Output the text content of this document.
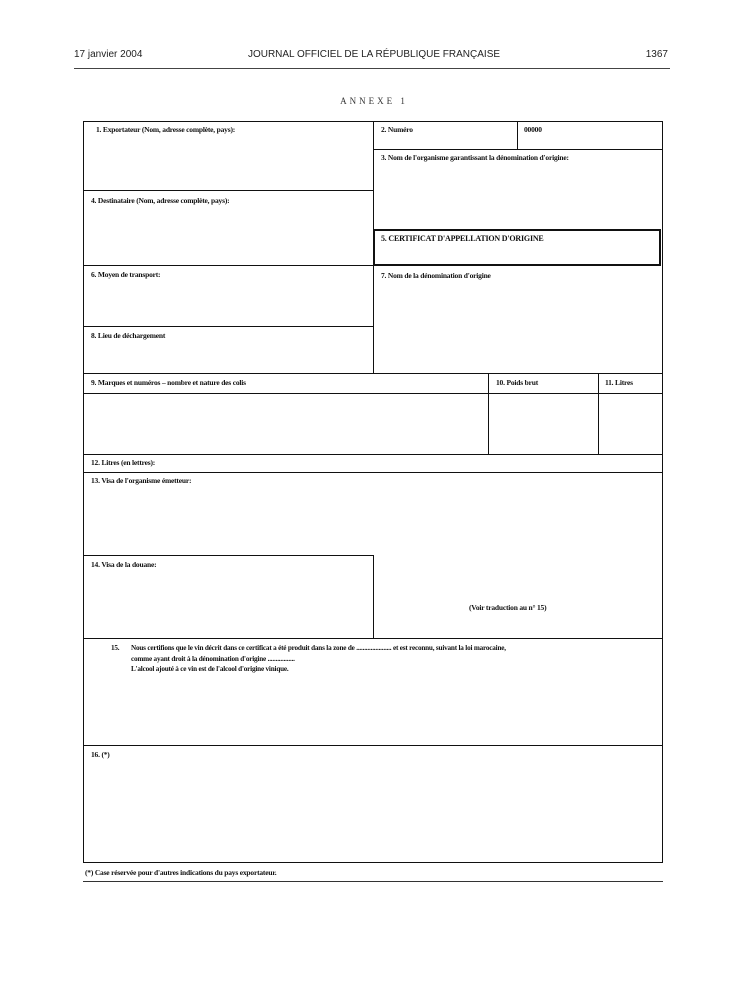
17 janvier 2004	JOURNAL OFFICIEL DE LA RÉPUBLIQUE FRANÇAISE	1367
ANNEXE 1
1. Exportateur (Nom, adresse complète, pays):	2. Numéro	00000
3. Nom de l'organisme garantissant la dénomination d'origine:
4. Destinataire (Nom, adresse complète, pays):
5. CERTIFICAT D'APPELLATION D'ORIGINE
6. Moyen de transport:	7. Nom de la dénomination d'origine
8. Lieu de déchargement
9. Marques et numéros – nombre et nature des colis	10. Poids brut	11. Litres
12. Litres (en lettres):
13. Visa de l'organisme émetteur:
14. Visa de la douane:
(Voir traduction au n° 15)
15. Nous certifions que le vin décrit dans ce certificat a été produit dans la zone de ...................... et est reconnu, suivant la loi marocaine,
comme ayant droit à la dénomination d'origine .................
L'alcool ajouté à ce vin est de l'alcool d'origine vinique.
16. (*)
(*) Case réservée pour d'autres indications du pays exportateur.
